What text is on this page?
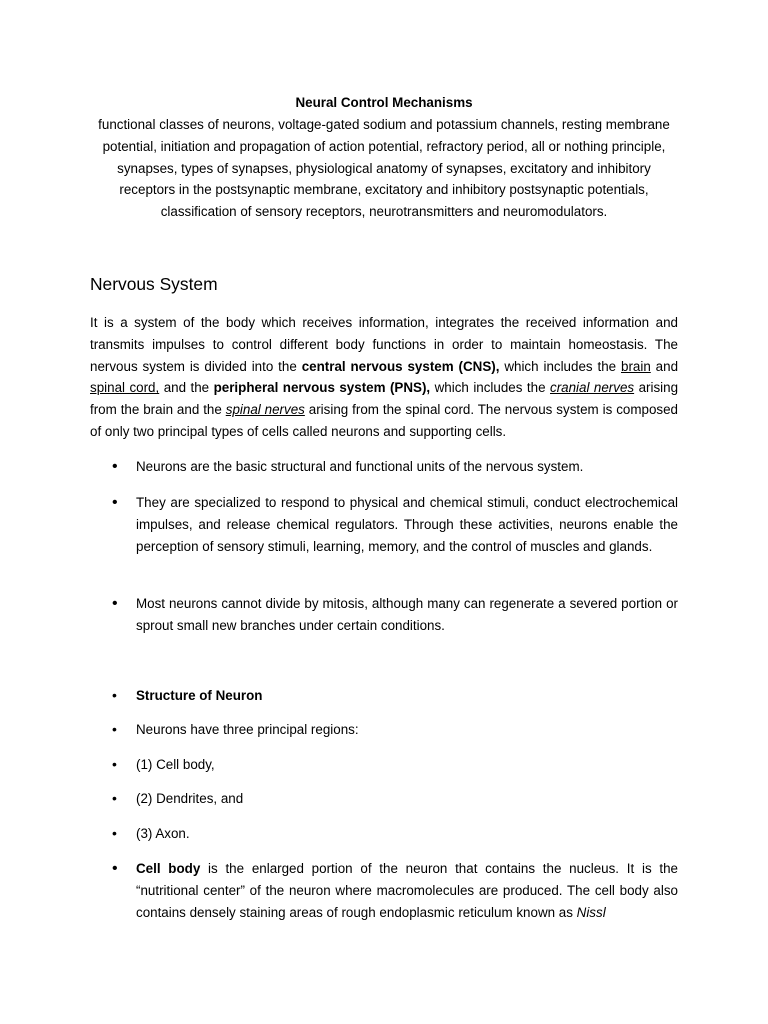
Neural Control Mechanisms
functional classes of neurons, voltage-gated sodium and potassium channels, resting membrane potential, initiation and propagation of action potential, refractory period, all or nothing principle, synapses, types of synapses, physiological anatomy of synapses, excitatory and inhibitory receptors in the postsynaptic membrane, excitatory and inhibitory postsynaptic potentials, classification of sensory receptors, neurotransmitters and neuromodulators.
Nervous System

It is a system of the body which receives information, integrates the received information and transmits impulses to control different body functions in order to maintain homeostasis. The nervous system is divided into the central nervous system (CNS), which includes the brain and spinal cord, and the peripheral nervous system (PNS), which includes the cranial nerves arising from the brain and the spinal nerves arising from the spinal cord. The nervous system is composed of only two principal types of cells called neurons and supporting cells.

• Neurons are the basic structural and functional units of the nervous system.

• They are specialized to respond to physical and chemical stimuli, conduct electrochemical impulses, and release chemical regulators. Through these activities, neurons enable the perception of sensory stimuli, learning, memory, and the control of muscles and glands.

• Most neurons cannot divide by mitosis, although many can regenerate a severed portion or sprout small new branches under certain conditions.

• Structure of Neuron

• Neurons have three principal regions:

• (1) Cell body,

• (2) Dendrites, and

• (3) Axon.

• Cell body is the enlarged portion of the neuron that contains the nucleus. It is the “nutritional center” of the neuron where macromolecules are produced. The cell body also contains densely staining areas of rough endoplasmic reticulum known as Nissl
